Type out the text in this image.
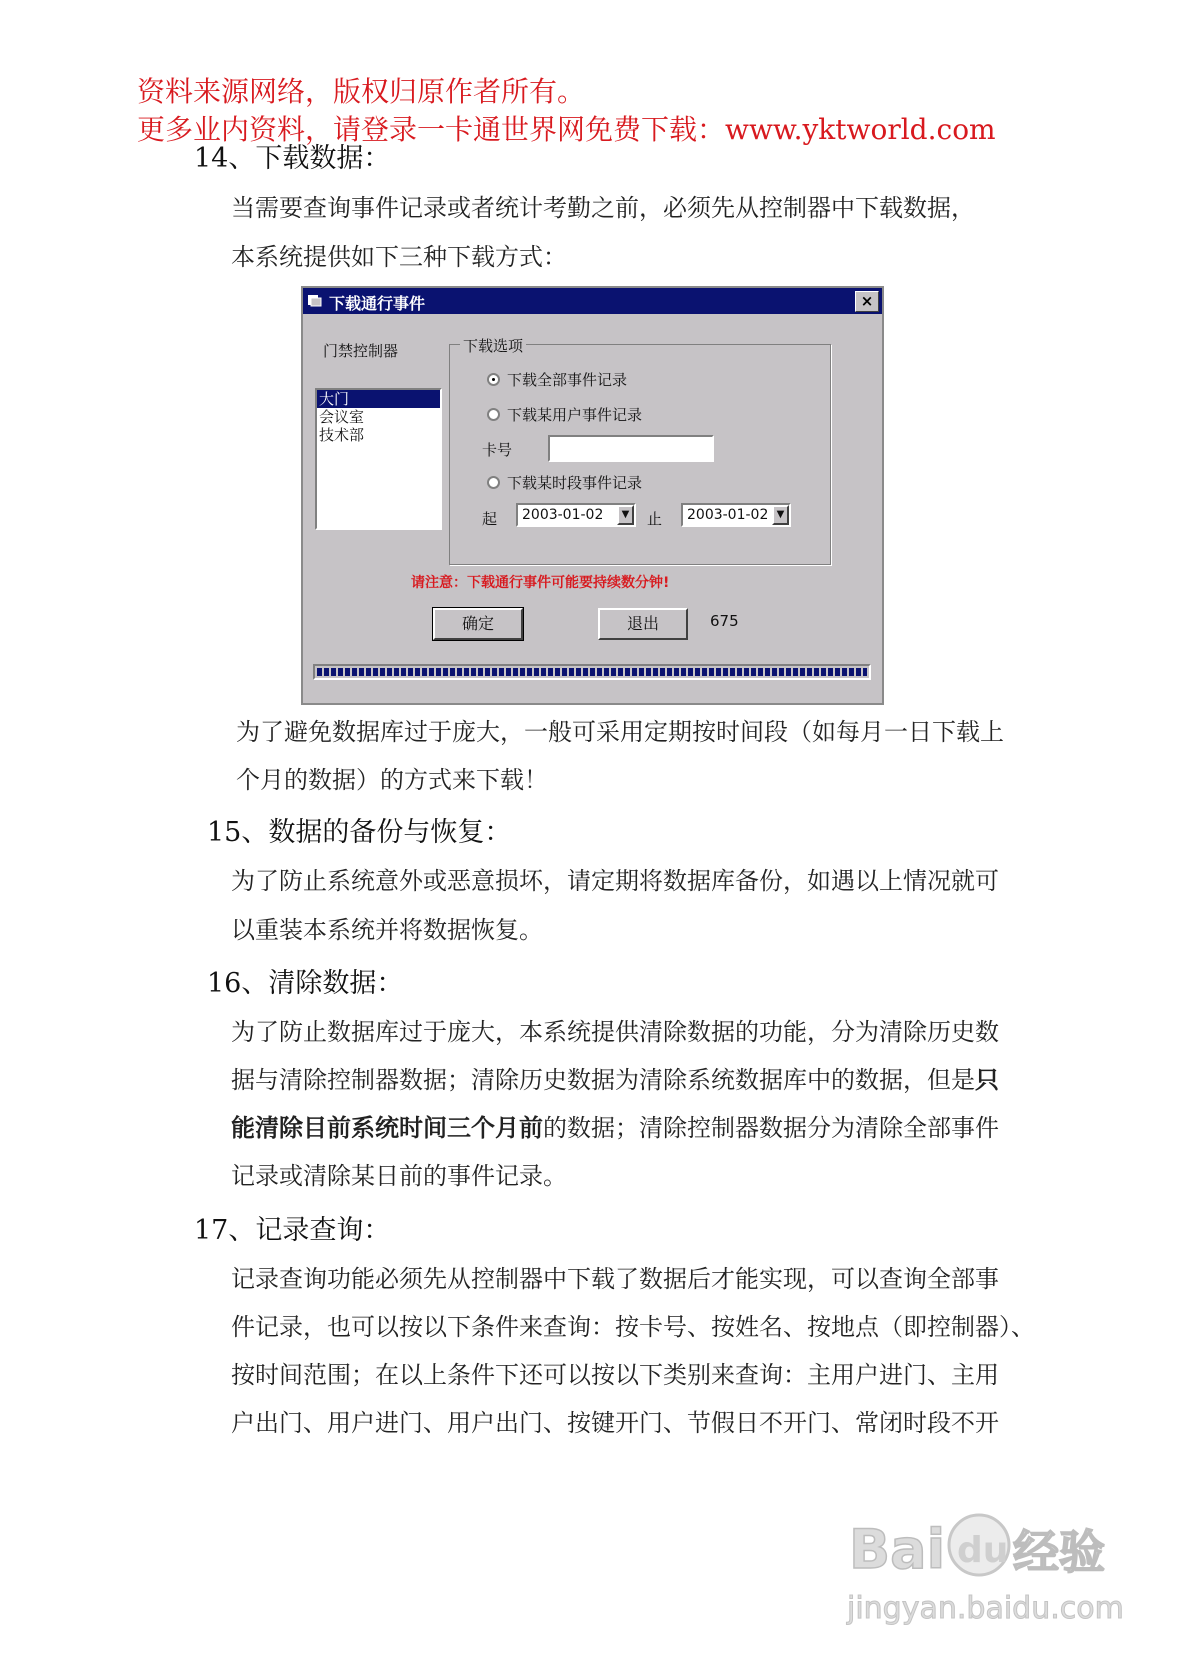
资料来源网络，版权归原作者所有。
更多业内资料，请登录一卡通世界网免费下载：www.yktworld.com
14、下载数据：
当需要查询事件记录或者统计考勤之前，必须先从控制器中下载数据，
本系统提供如下三种下载方式：
下载通行事件	×
门禁控制器
大门
会议室
技术部
下载选项
下载全部事件记录
下载某用户事件记录
卡号
下载某时段事件记录
起	2003-01-02	▼	止	2003-01-02 ▼
请注意：下载通行事件可能要持续数分钟!
确定	退出	675
为了避免数据库过于庞大，一般可采用定期按时间段（如每月一日下载上
个月的数据）的方式来下载！
15、数据的备份与恢复：
为了防止系统意外或恶意损坏，请定期将数据库备份，如遇以上情况就可
以重装本系统并将数据恢复。
16、清除数据：
为了防止数据库过于庞大，本系统提供清除数据的功能，分为清除历史数
据与清除控制器数据；清除历史数据为清除系统数据库中的数据，但是只
能清除目前系统时间三个月前的数据；清除控制器数据分为清除全部事件
记录或清除某日前的事件记录。
17、记录查询：
记录查询功能必须先从控制器中下载了数据后才能实现，可以查询全部事
件记录，也可以按以下条件来查询：按卡号、按姓名、按地点（即控制器）、
按时间范围；在以上条件下还可以按以下类别来查询：主用户进门、主用
户出门、用户进门、用户出门、按键开门、节假日不开门、常闭时段不开
Bai du 经验
jingyan.baidu.com
